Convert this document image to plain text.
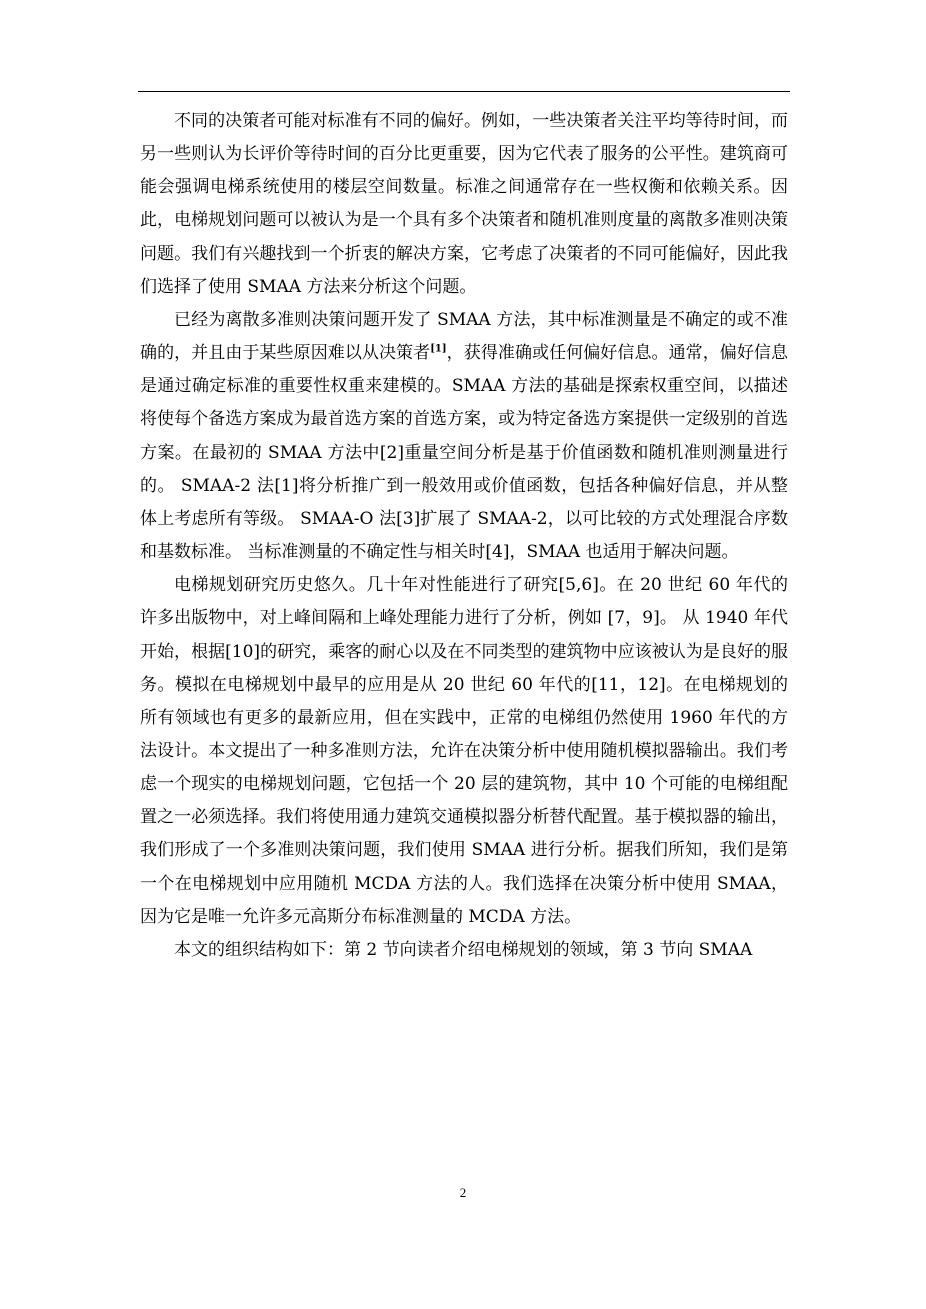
不同的决策者可能对标准有不同的偏好。例如，一些决策者关注平均等待时间，而另一些则认为长评价等待时间的百分比更重要，因为它代表了服务的公平性。建筑商可能会强调电梯系统使用的楼层空间数量。标准之间通常存在一些权衡和依赖关系。因此，电梯规划问题可以被认为是一个具有多个决策者和随机准则度量的离散多准则决策问题。我们有兴趣找到一个折衷的解决方案，它考虑了决策者的不同可能偏好，因此我们选择了使用 SMAA 方法来分析这个问题。

已经为离散多准则决策问题开发了 SMAA 方法，其中标准测量是不确定的或不准确的，并且由于某些原因难以从决策者[1]，获得准确或任何偏好信息。通常，偏好信息是通过确定标准的重要性权重来建模的。SMAA 方法的基础是探索权重空间，以描述将使每个备选方案成为最首选方案的首选方案，或为特定备选方案提供一定级别的首选方案。在最初的 SMAA 方法中[2]重量空间分析是基于价值函数和随机准则测量进行的。 SMAA-2 法[1]将分析推广到一般效用或价值函数，包括各种偏好信息，并从整体上考虑所有等级。 SMAA-O 法[3]扩展了 SMAA-2，以可比较的方式处理混合序数和基数标准。 当标准测量的不确定性与相关时[4]，SMAA 也适用于解决问题。

电梯规划研究历史悠久。几十年对性能进行了研究[5,6]。在 20 世纪 60 年代的许多出版物中，对上峰间隔和上峰处理能力进行了分析，例如 [7，9]。 从 1940 年代开始，根据[10]的研究，乘客的耐心以及在不同类型的建筑物中应该被认为是良好的服务。模拟在电梯规划中最早的应用是从 20 世纪 60 年代的[11，12]。在电梯规划的所有领域也有更多的最新应用，但在实践中，正常的电梯组仍然使用 1960 年代的方法设计。本文提出了一种多准则方法，允许在决策分析中使用随机模拟器输出。我们考虑一个现实的电梯规划问题，它包括一个 20 层的建筑物，其中 10 个可能的电梯组配置之一必须选择。我们将使用通力建筑交通模拟器分析替代配置。基于模拟器的输出，我们形成了一个多准则决策问题，我们使用 SMAA 进行分析。据我们所知，我们是第一个在电梯规划中应用随机 MCDA 方法的人。我们选择在决策分析中使用 SMAA，因为它是唯一允许多元高斯分布标准测量的 MCDA 方法。

本文的组织结构如下：第 2 节向读者介绍电梯规划的领域，第 3 节向 SMAA

2
